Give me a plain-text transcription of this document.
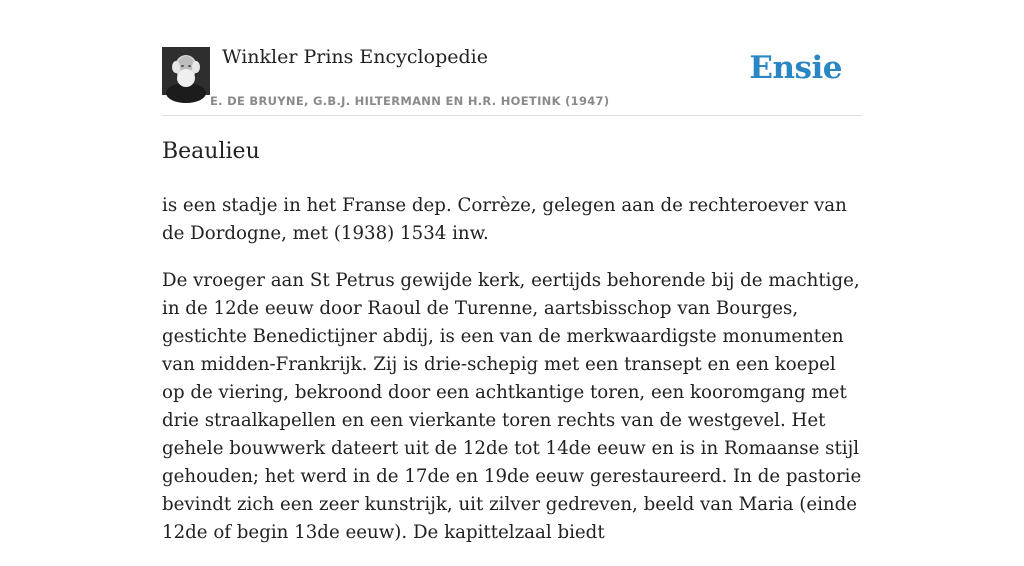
Winkler Prins Encyclopedie
E. DE BRUYNE, G.B.J. HILTERMANN EN H.R. HOETINK (1947)
Ensie
Beaulieu

is een stadje in het Franse dep. Corrèze, gelegen aan de rechteroever van de Dordogne, met (1938) 1534 inw.

De vroeger aan St Petrus gewijde kerk, eertijds behorende bij de machtige, in de 12de eeuw door Raoul de Turenne, aartsbisschop van Bourges, gestichte Benedictijner abdij, is een van de merkwaardigste monumenten van midden-Frankrijk. Zij is drie-schepig met een transept en een koepel op de viering, bekroond door een achtkantige toren, een kooromgang met drie straalkapellen en een vierkante toren rechts van de westgevel. Het gehele bouwwerk dateert uit de 12de tot 14de eeuw en is in Romaanse stijl gehouden; het werd in de 17de en 19de eeuw gerestaureerd. In de pastorie bevindt zich een zeer kunstrijk, uit zilver gedreven, beeld van Maria (einde 12de of begin 13de eeuw). De kapittelzaal biedt
